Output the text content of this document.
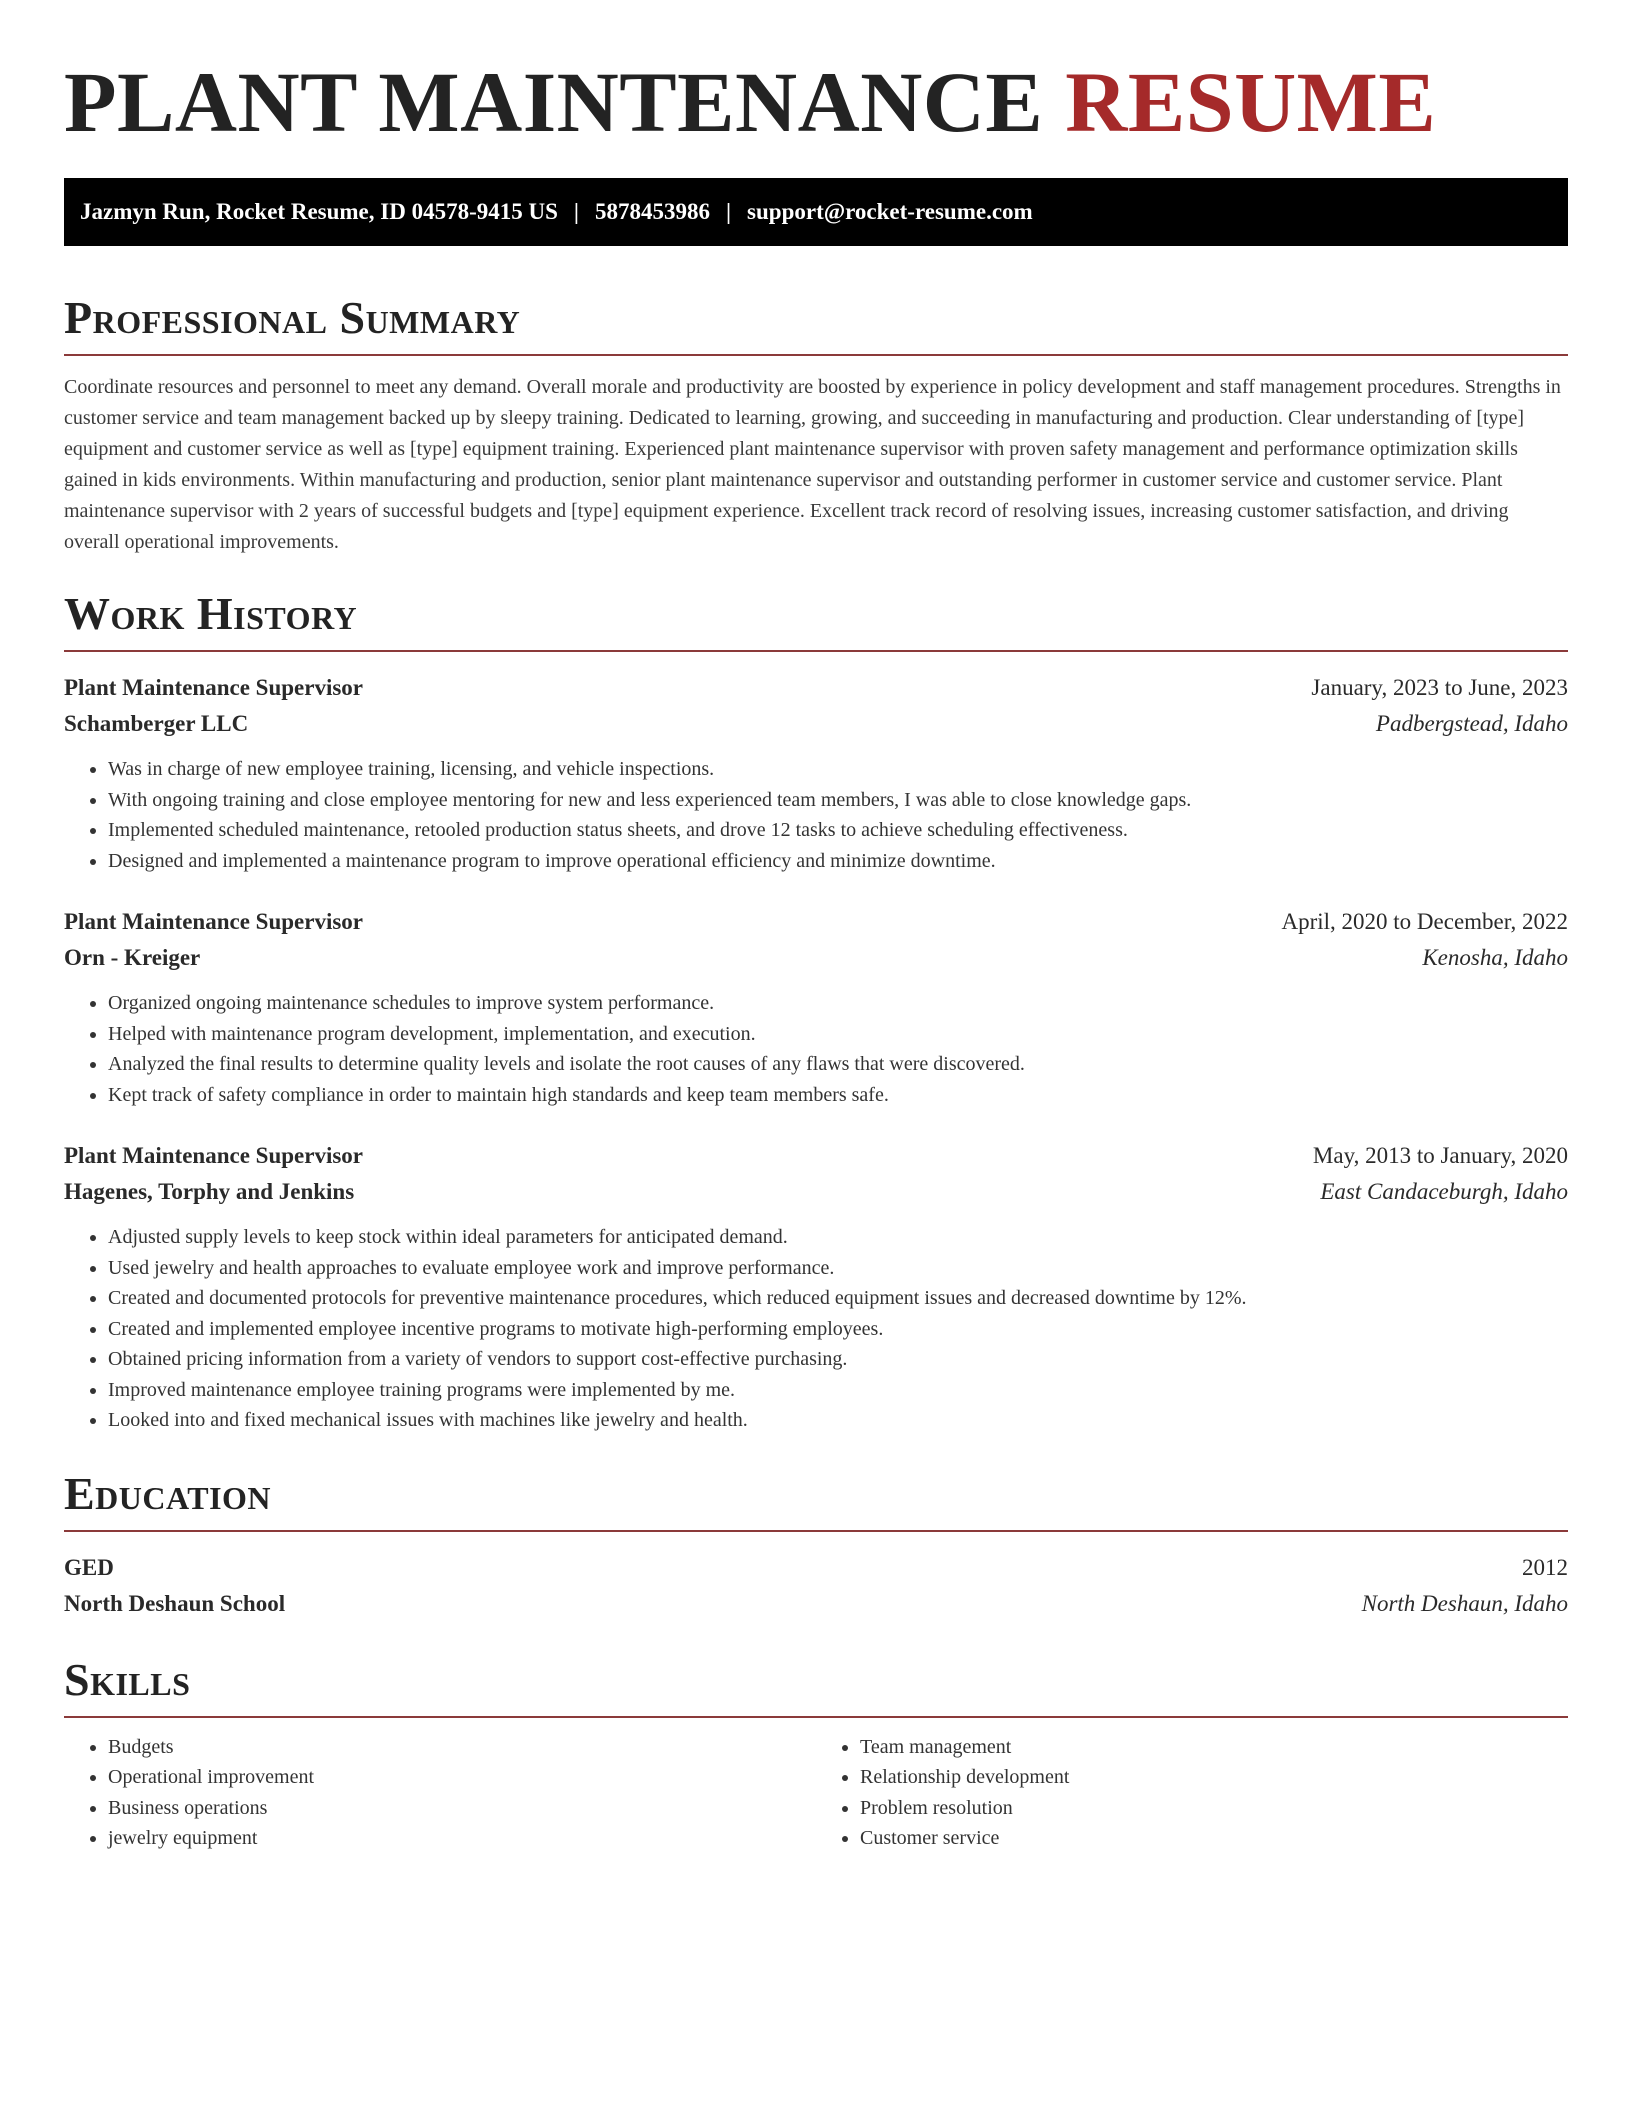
PLANT MAINTENANCE RESUME
Jazmyn Run, Rocket Resume, ID 04578-9415 US | 5878453986 | support@rocket-resume.com
Professional Summary

Coordinate resources and personnel to meet any demand. Overall morale and productivity are boosted by experience in policy development and staff management procedures. Strengths in customer service and team management backed up by sleepy training. Dedicated to learning, growing, and succeeding in manufacturing and production. Clear understanding of [type] equipment and customer service as well as [type] equipment training. Experienced plant maintenance supervisor with proven safety management and performance optimization skills gained in kids environments. Within manufacturing and production, senior plant maintenance supervisor and outstanding performer in customer service and customer service. Plant maintenance supervisor with 2 years of successful budgets and [type] equipment experience. Excellent track record of resolving issues, increasing customer satisfaction, and driving overall operational improvements.

Work History
Plant Maintenance Supervisor	January, 2023 to June, 2023
Schamberger LLC	Padbergstead, Idaho
• Was in charge of new employee training, licensing, and vehicle inspections.
• With ongoing training and close employee mentoring for new and less experienced team members, I was able to close knowledge gaps.
• Implemented scheduled maintenance, retooled production status sheets, and drove 12 tasks to achieve scheduling effectiveness.
• Designed and implemented a maintenance program to improve operational efficiency and minimize downtime.
Plant Maintenance Supervisor	April, 2020 to December, 2022
Orn - Kreiger	Kenosha, Idaho
• Organized ongoing maintenance schedules to improve system performance.
• Helped with maintenance program development, implementation, and execution.
• Analyzed the final results to determine quality levels and isolate the root causes of any flaws that were discovered.
• Kept track of safety compliance in order to maintain high standards and keep team members safe.
Plant Maintenance Supervisor	May, 2013 to January, 2020
Hagenes, Torphy and Jenkins	East Candaceburgh, Idaho
• Adjusted supply levels to keep stock within ideal parameters for anticipated demand.
• Used jewelry and health approaches to evaluate employee work and improve performance.
• Created and documented protocols for preventive maintenance procedures, which reduced equipment issues and decreased downtime by 12%.
• Created and implemented employee incentive programs to motivate high-performing employees.
• Obtained pricing information from a variety of vendors to support cost-effective purchasing.
• Improved maintenance employee training programs were implemented by me.
• Looked into and fixed mechanical issues with machines like jewelry and health.
Education
GED	2012
North Deshaun School	North Deshaun, Idaho
Skills
• Budgets
• Operational improvement
• Business operations
• jewelry equipment
• Team management
• Relationship development
• Problem resolution
• Customer service
